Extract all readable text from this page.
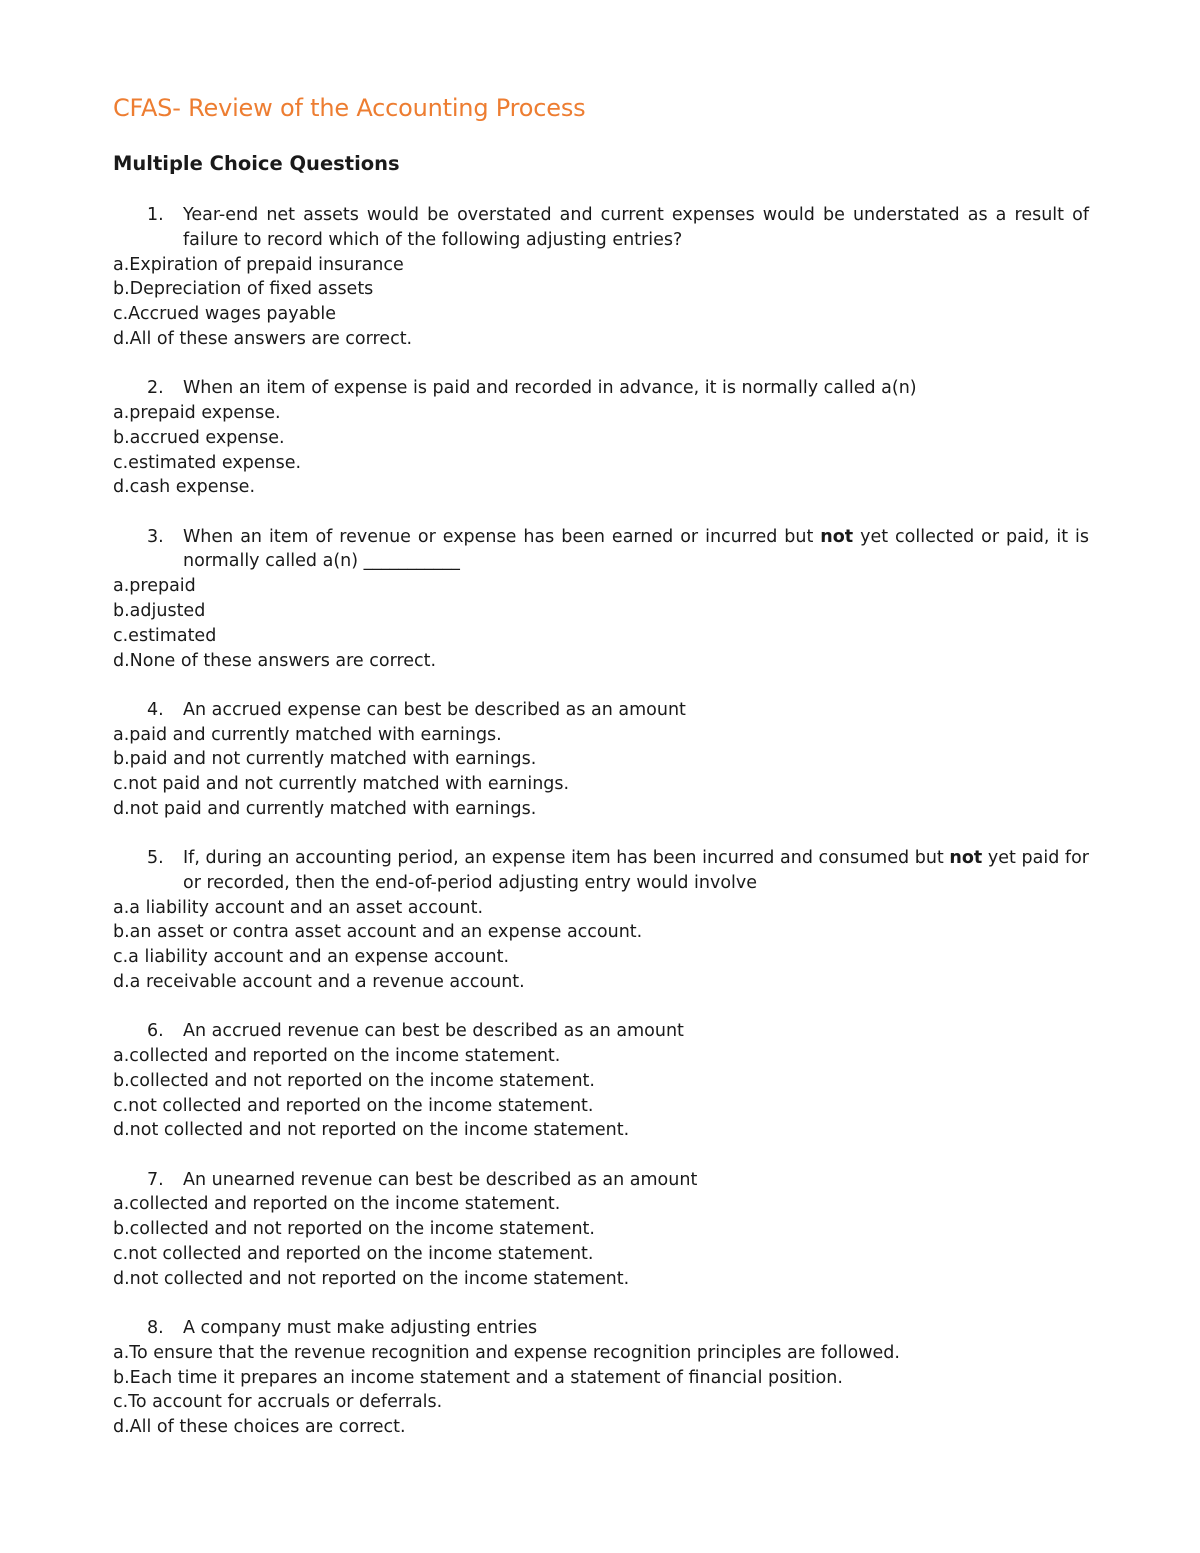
CFAS- Review of the Accounting Process
Multiple Choice Questions
1.	Year-end net assets would be overstated and current expenses would be understated as a result of failure to record which of the following adjusting entries?
a.Expiration of prepaid insurance
b.Depreciation of fixed assets
c.Accrued wages payable
d.All of these answers are correct.
2.	When an item of expense is paid and recorded in advance, it is normally called a(n)
a.prepaid expense.
b.accrued expense.
c.estimated expense.
d.cash expense.
3.	When an item of revenue or expense has been earned or incurred but not yet collected or paid, it is normally called a(n) ___________
a.prepaid
b.adjusted
c.estimated
d.None of these answers are correct.
4.	An accrued expense can best be described as an amount
a.paid and currently matched with earnings.
b.paid and not currently matched with earnings.
c.not paid and not currently matched with earnings.
d.not paid and currently matched with earnings.
5.	If, during an accounting period, an expense item has been incurred and consumed but not yet paid for or recorded, then the end-of-period adjusting entry would involve
a.a liability account and an asset account.
b.an asset or contra asset account and an expense account.
c.a liability account and an expense account.
d.a receivable account and a revenue account.
6.	An accrued revenue can best be described as an amount
a.collected and reported on the income statement.
b.collected and not reported on the income statement.
c.not collected and reported on the income statement.
d.not collected and not reported on the income statement.
7.	An unearned revenue can best be described as an amount
a.collected and reported on the income statement.
b.collected and not reported on the income statement.
c.not collected and reported on the income statement.
d.not collected and not reported on the income statement.
8.	A company must make adjusting entries
a.To ensure that the revenue recognition and expense recognition principles are followed.
b.Each time it prepares an income statement and a statement of financial position.
c.To account for accruals or deferrals.
d.All of these choices are correct.
